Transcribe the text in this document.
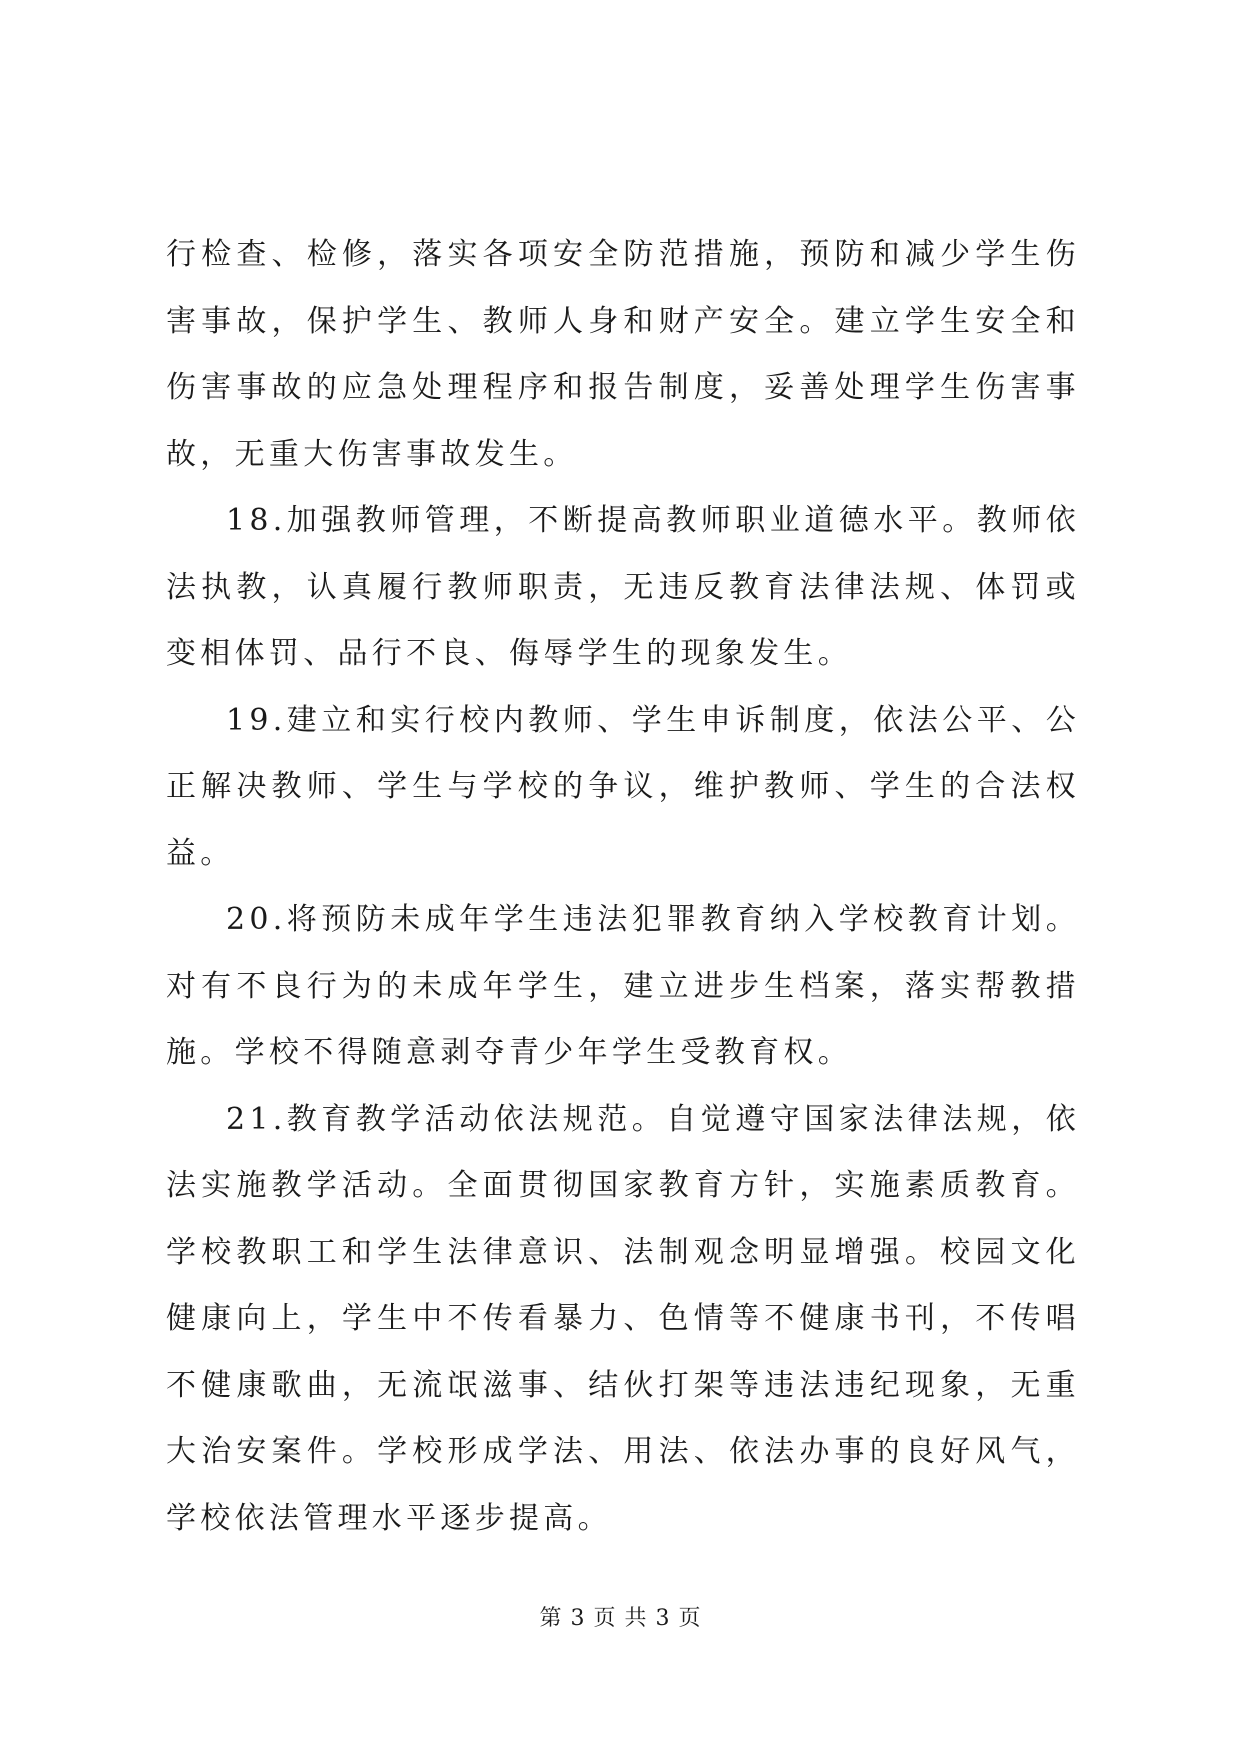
行检查、检修，落实各项安全防范措施，预防和减少学生伤害事故，保护学生、教师人身和财产安全。建立学生安全和伤害事故的应急处理程序和报告制度，妥善处理学生伤害事故，无重大伤害事故发生。

18.加强教师管理，不断提高教师职业道德水平。教师依法执教，认真履行教师职责，无违反教育法律法规、体罚或变相体罚、品行不良、侮辱学生的现象发生。

19.建立和实行校内教师、学生申诉制度，依法公平、公正解决教师、学生与学校的争议，维护教师、学生的合法权益。

20.将预防未成年学生违法犯罪教育纳入学校教育计划。对有不良行为的未成年学生，建立进步生档案，落实帮教措施。学校不得随意剥夺青少年学生受教育权。

21.教育教学活动依法规范。自觉遵守国家法律法规，依法实施教学活动。全面贯彻国家教育方针，实施素质教育。学校教职工和学生法律意识、法制观念明显增强。校园文化健康向上，学生中不传看暴力、色情等不健康书刊，不传唱不健康歌曲，无流氓滋事、结伙打架等违法违纪现象，无重大治安案件。学校形成学法、用法、依法办事的良好风气，学校依法管理水平逐步提高。

第 3 页 共 3 页
